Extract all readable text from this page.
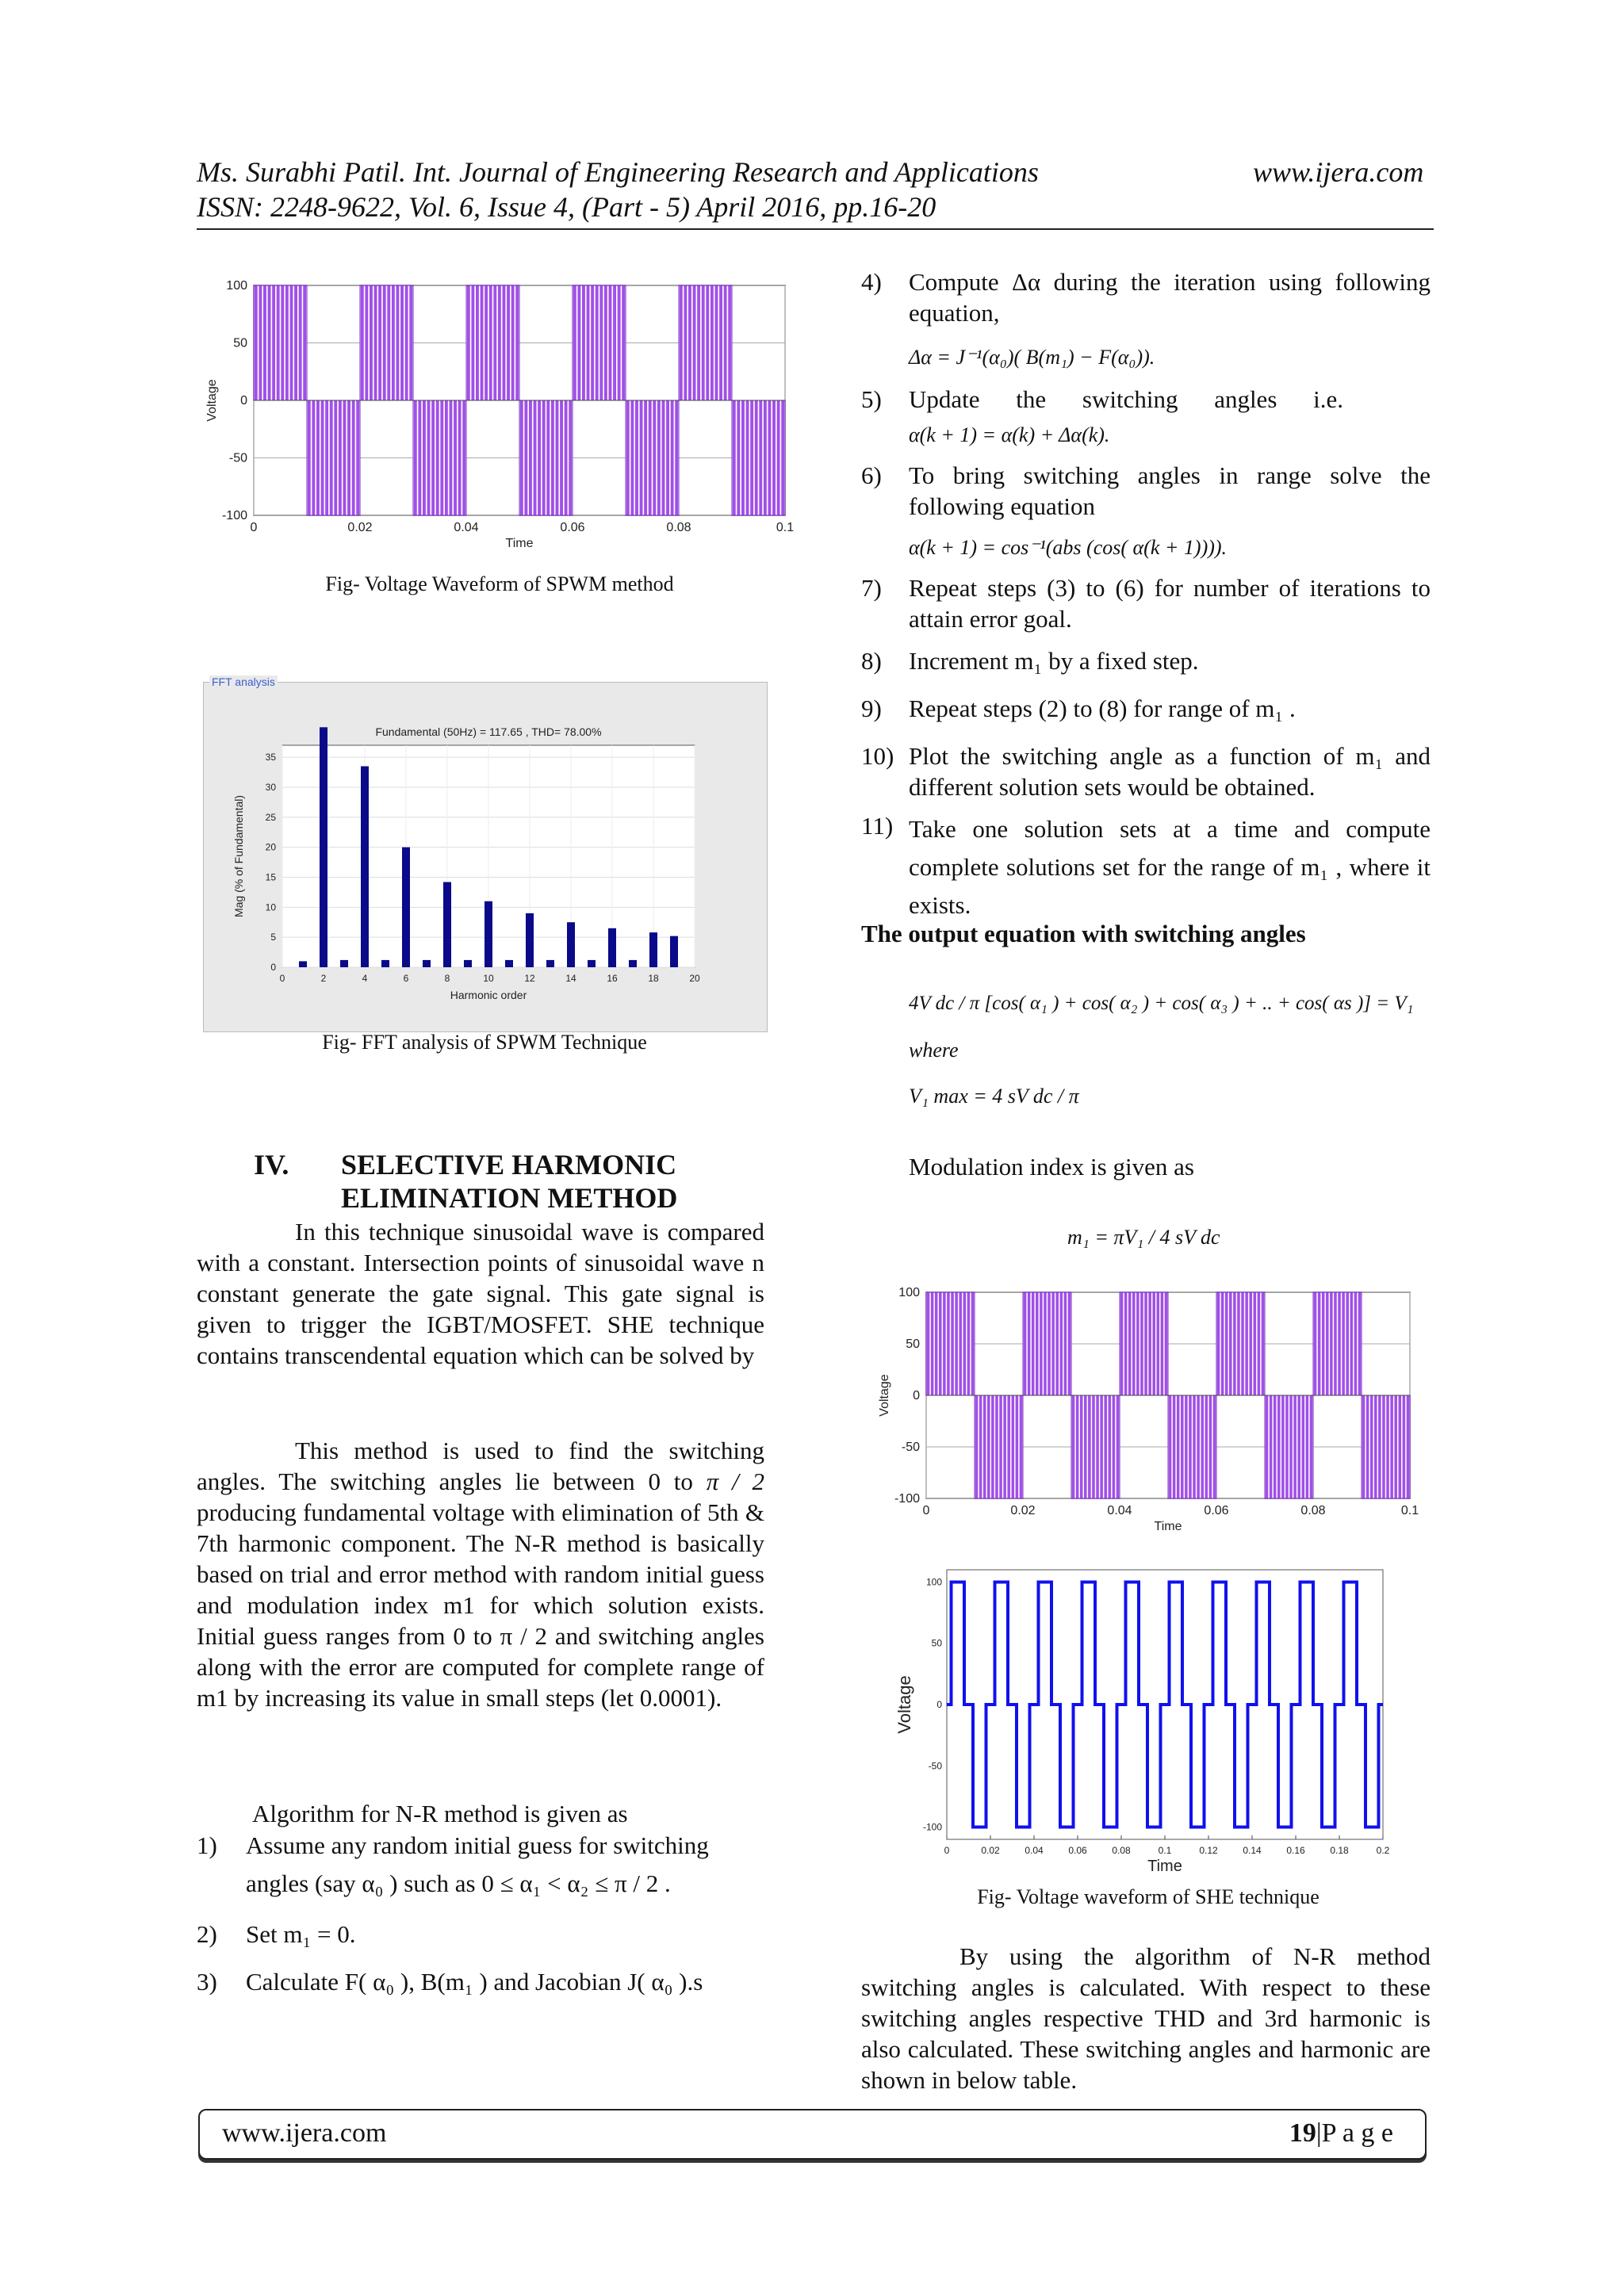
Ms. Surabhi Patil. Int. Journal of Engineering Research and Applications	www.ijera.com
ISSN: 2248-9622, Vol. 6, Issue 4, (Part - 5) April 2016, pp.16-20
0	0.02	0.04	0.06	0.08	0.1
100
50
0
-50
-100
Time
Voltage
Fig- Voltage Waveform of SPWM method
FFT analysis
0
5
10
15
20
25
30
35
0	2	4	6	8	10	12	14	16	18	20
Fundamental (50Hz) = 117.65 , THD= 78.00%
Harmonic order
Mag (% of Fundamental)
Fig- FFT analysis of SPWM Technique
IV. SELECTIVE HARMONIC
ELIMINATION METHOD
In this technique sinusoidal wave is compared with a constant. Intersection points of sinusoidal wave n constant generate the gate signal. This gate signal is given to trigger the IGBT/MOSFET. SHE technique contains transcendental equation which can be solved by
This method is used to find the switching angles. The switching angles lie between 0 to π / 2 producing fundamental voltage with elimination of 5th & 7th harmonic component. The N-R method is basically based on trial and error method with random initial guess and modulation index m1 for which solution exists. Initial guess ranges from 0 to π / 2 and switching angles along with the error are computed for complete range of m1 by increasing its value in small steps (let 0.0001).
Algorithm for N-R method is given as
1) Assume any random initial guess for switching
angles (say α₀ ) such as 0 ≤ α₁ < α₂ ≤ π / 2 .
2) Set m₁ = 0.
3) Calculate F( α₀ ), B(m₁ ) and Jacobian J( α₀ ).s
4) Compute Δα during the iteration using following equation,
Δα = J⁻¹(α₀)( B(m₁) − F(α₀)).
5) Update the switching angles i.e.
α(k + 1) = α(k) + Δα(k).
6) To bring switching angles in range solve the following equation
α(k + 1) = cos⁻¹(abs (cos( α(k + 1)))).
7) Repeat steps (3) to (6) for number of iterations to attain error goal.
8) Increment m₁ by a fixed step.
9) Repeat steps (2) to (8) for range of m₁ .
10) Plot the switching angle as a function of m₁ and different solution sets would be obtained.
11) Take one solution sets at a time and compute complete solutions set for the range of m₁ , where it exists.
The output equation with switching angles
4V dc / π [cos( α₁ ) + cos( α₂ ) + cos( α₃ ) + .. + cos( αs )] = V₁
where
V₁ max = 4 sV dc / π
Modulation index is given as
m₁ = πV₁ / 4 sV dc
0	0.02	0.04	0.06	0.08	0.1
100
50
0
-50
-100
Time
Voltage
100
50
0
-50
-100
0	0.02	0.04	0.06	0.08	0.1	0.12	0.14	0.16	0.18	0.2
Time
Voltage
Fig- Voltage waveform of SHE technique
By using the algorithm of N-R method switching angles is calculated. With respect to these switching angles respective THD and 3rd harmonic is also calculated. These switching angles and harmonic are shown in below table.
www.ijera.com	19|P a g e
